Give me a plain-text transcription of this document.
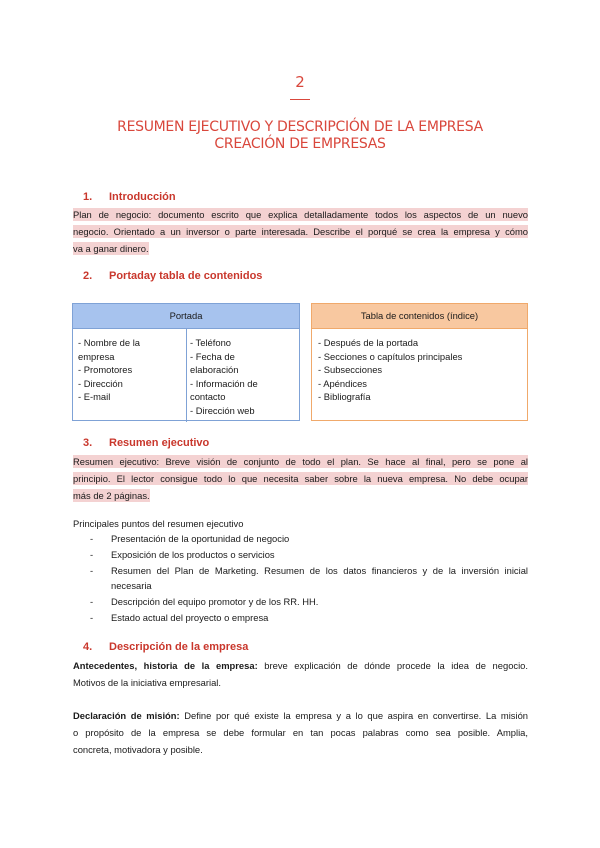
2
RESUMEN EJECUTIVO Y DESCRIPCIÓN DE LA EMPRESA
CREACIÓN DE EMPRESAS
1. Introducción
Plan de negocio: documento escrito que explica detalladamente todos los aspectos de un nuevo
negocio. Orientado a un inversor o parte interesada. Describe el porqué se crea la empresa y cómo
va a ganar dinero.
2. Portaday tabla de contenidos
Portada
- Nombre de la
empresa
- Promotores
- Dirección
- E-mail
- Teléfono
- Fecha de
elaboración
- Información de
contacto
- Dirección web
Tabla de contenidos (índice)
- Después de la portada
- Secciones o capítulos principales
- Subsecciones
- Apéndices
- Bibliografía
3. Resumen ejecutivo
Resumen ejecutivo: Breve visión de conjunto de todo el plan. Se hace al final, pero se pone al
principio. El lector consigue todo lo que necesita saber sobre la nueva empresa. No debe ocupar
más de 2 páginas.
Principales puntos del resumen ejecutivo
- Presentación de la oportunidad de negocio
- Exposición de los productos o servicios
- Resumen del Plan de Marketing. Resumen de los datos financieros y de la inversión inicial
necesaria
- Descripción del equipo promotor y de los RR. HH.
- Estado actual del proyecto o empresa
4. Descripción de la empresa
Antecedentes, historia de la empresa: breve explicación de dónde procede la idea de negocio.
Motivos de la iniciativa empresarial.
Declaración de misión: Define por qué existe la empresa y a lo que aspira en convertirse. La misión
o propósito de la empresa se debe formular en tan pocas palabras como sea posible. Amplia,
concreta, motivadora y posible.
